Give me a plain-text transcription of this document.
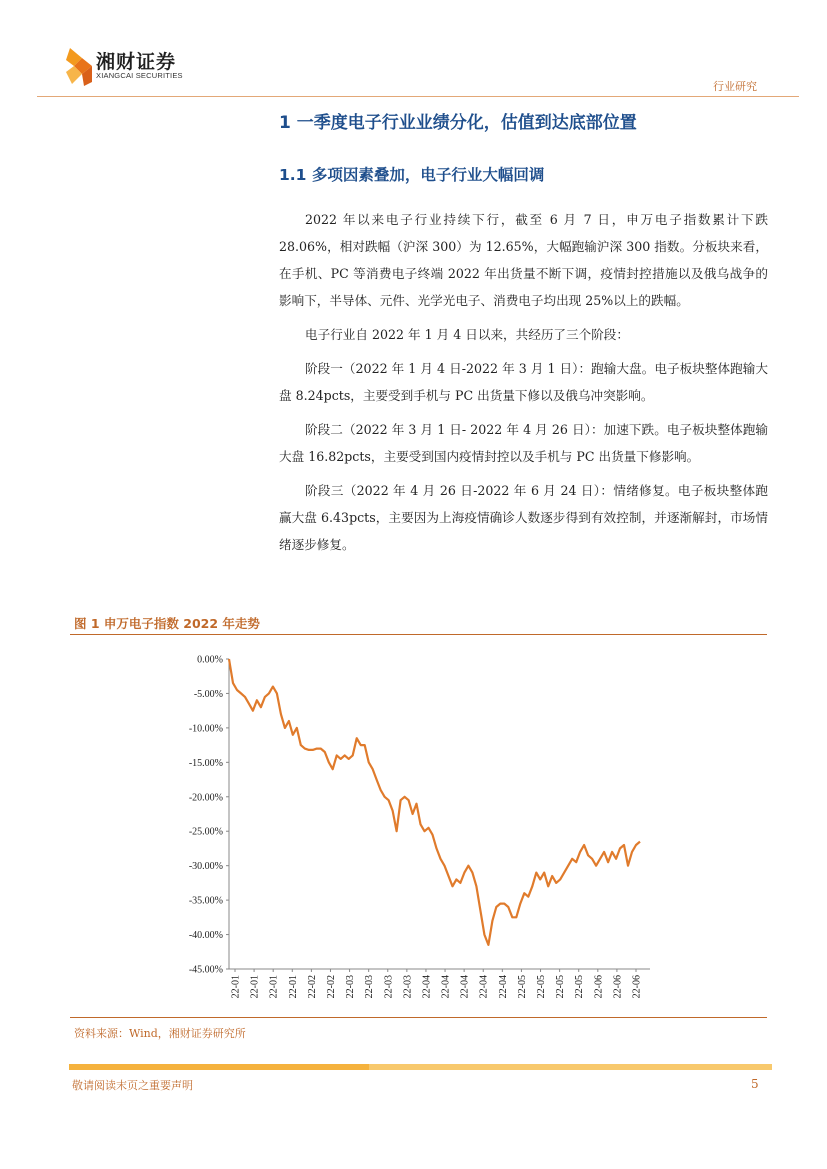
湘财证券
XIANGCAI SECURITIES
行业研究
1 一季度电子行业业绩分化，估值到达底部位置
1.1 多项因素叠加，电子行业大幅回调

2022 年以来电子行业持续下行，截至 6 月 7 日，申万电子指数累计下跌 28.06%，相对跌幅（沪深 300）为 12.65%，大幅跑输沪深 300 指数。分板块来看，在手机、PC 等消费电子终端 2022 年出货量不断下调，疫情封控措施以及俄乌战争的影响下，半导体、元件、光学光电子、消费电子均出现 25%以上的跌幅。

电子行业自 2022 年 1 月 4 日以来，共经历了三个阶段：

阶段一（2022 年 1 月 4 日-2022 年 3 月 1 日）：跑输大盘。电子板块整体跑输大盘 8.24pcts，主要受到手机与 PC 出货量下修以及俄乌冲突影响。

阶段二（2022 年 3 月 1 日- 2022 年 4 月 26 日）：加速下跌。电子板块整体跑输大盘 16.82pcts，主要受到国内疫情封控以及手机与 PC 出货量下修影响。

阶段三（2022 年 4 月 26 日-2022 年 6 月 24 日）：情绪修复。电子板块整体跑赢大盘 6.43pcts，主要因为上海疫情确诊人数逐步得到有效控制，并逐渐解封，市场情绪逐步修复。

图 1 申万电子指数 2022 年走势
0.00%
-5.00%
-10.00%
-15.00%
-20.00%
-25.00%
-30.00%
-35.00%
-40.00%
-45.00%
22-01 22-01 22-01 22-01 22-02 22-02 22-03 22-03 22-03 22-03 22-04 22-04 22-04 22-04 22-04 22-05 22-05 22-05 22-05 22-06 22-06 22-06
资料来源：Wind，湘财证券研究所
敬请阅读末页之重要声明	5
